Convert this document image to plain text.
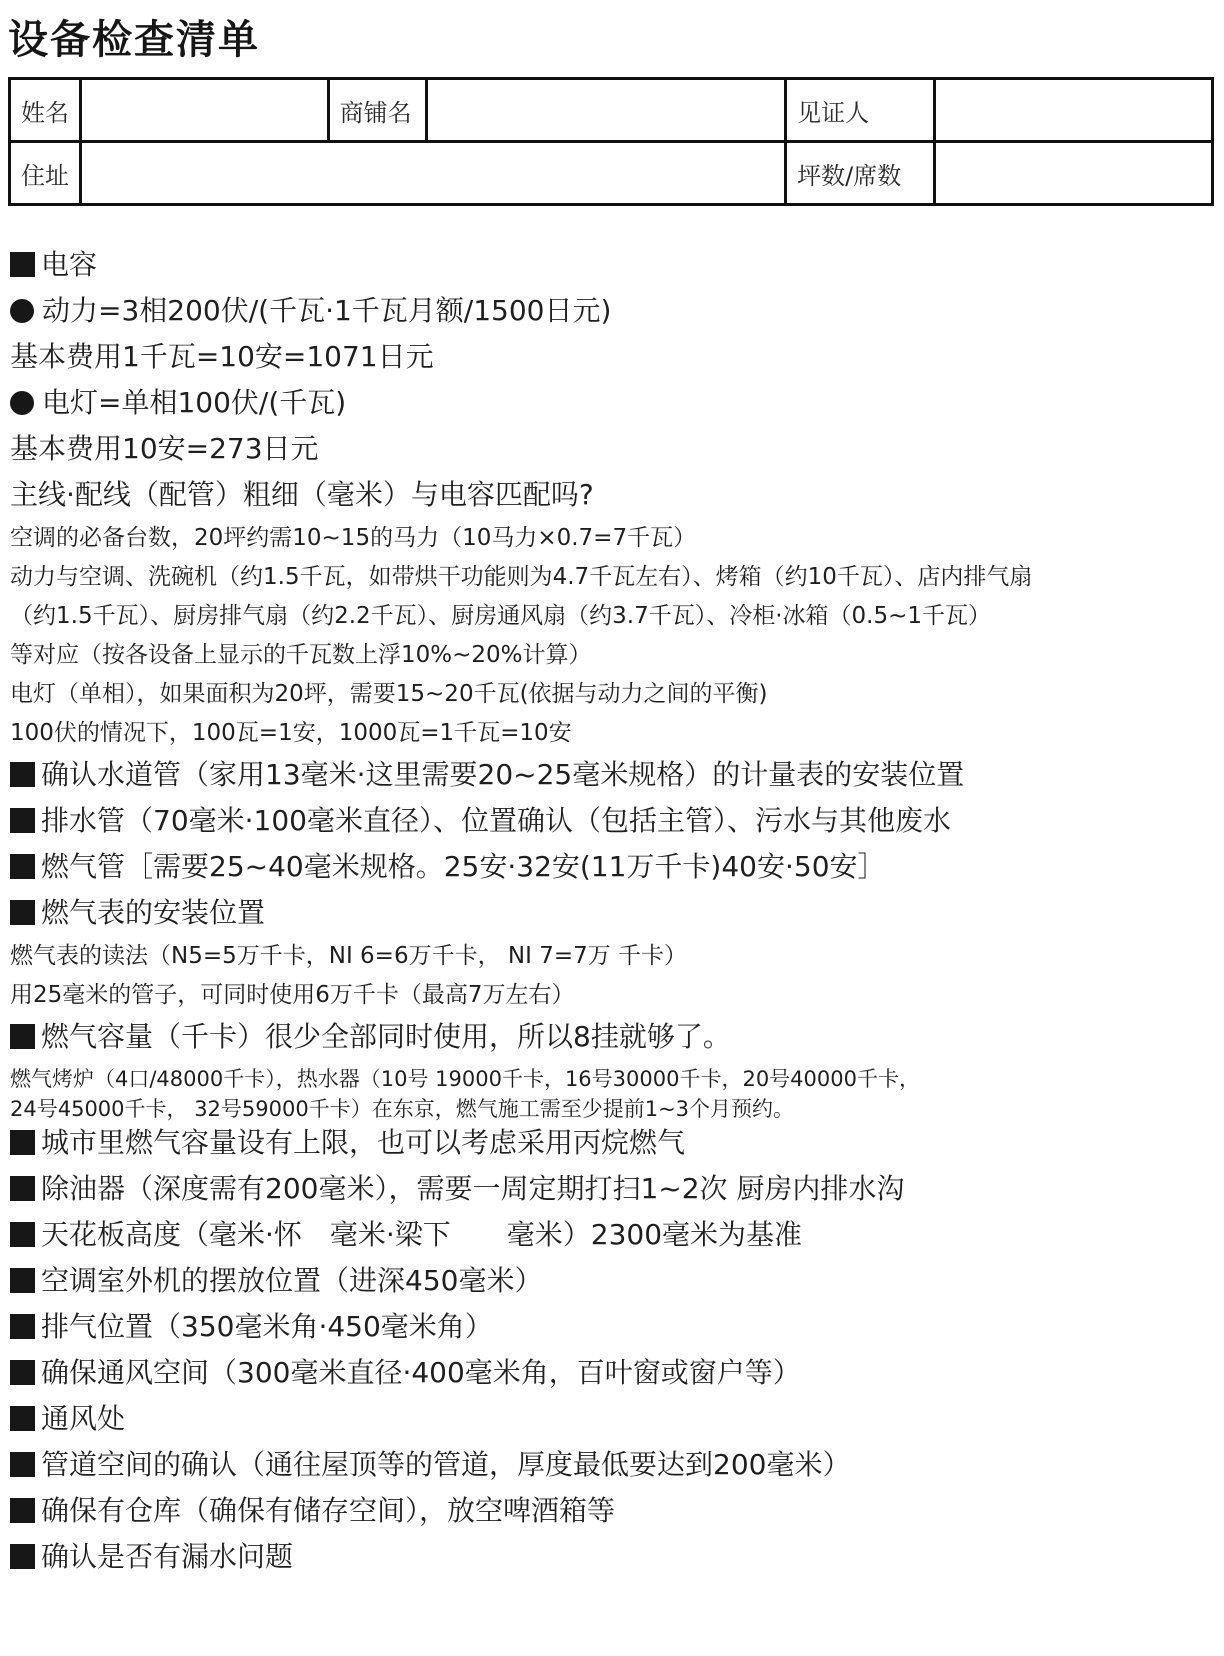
设备检查清单
姓名		商铺名		见证人	
住址				坪数/席数	
电容
动力=3相200伏/(千瓦·1千瓦月额/1500日元)
基本费用1千瓦=10安=1071日元
电灯=单相100伏/(千瓦)
基本费用10安=273日元
主线·配线（配管）粗细（毫米）与电容匹配吗?
空调的必备台数，20坪约需10~15的马力（10马力×0.7=7千瓦）
动力与空调、洗碗机（约1.5千瓦，如带烘干功能则为4.7千瓦左右）、烤箱（约10千瓦）、店内排气扇
（约1.5千瓦）、厨房排气扇（约2.2千瓦）、厨房通风扇（约3.7千瓦）、冷柜·冰箱（0.5~1千瓦）
等对应（按各设备上显示的千瓦数上浮10%~20%计算）
电灯（单相），如果面积为20坪，需要15~20千瓦(依据与动力之间的平衡)
100伏的情况下，100瓦=1安，1000瓦=1千瓦=10安
确认水道管（家用13毫米·这里需要20~25毫米规格）的计量表的安装位置
排水管（70毫米·100毫米直径）、位置确认（包括主管）、污水与其他废水
燃气管［需要25~40毫米规格。25安·32安(11万千卡)40安·50安］
燃气表的安装位置
燃气表的读法（N5=5万千卡，NI 6=6万千卡， NI 7=7万 千卡）
用25毫米的管子，可同时使用6万千卡（最高7万左右）
燃气容量（千卡）很少全部同时使用，所以8挂就够了。
燃气烤炉（4口/48000千卡），热水器（10号 19000千卡，16号30000千卡，20号40000千卡，
24号45000千卡， 32号59000千卡）在东京，燃气施工需至少提前1~3个月预约。
城市里燃气容量设有上限，也可以考虑采用丙烷燃气
除油器（深度需有200毫米），需要一周定期打扫1~2次 厨房内排水沟
天花板高度（毫米·怀　毫米·梁下　　毫米）2300毫米为基准
空调室外机的摆放位置（进深450毫米）
排气位置（350毫米角·450毫米角）
确保通风空间（300毫米直径·400毫米角，百叶窗或窗户等）
通风处
管道空间的确认（通往屋顶等的管道，厚度最低要达到200毫米）
确保有仓库（确保有储存空间），放空啤酒箱等
确认是否有漏水问题
